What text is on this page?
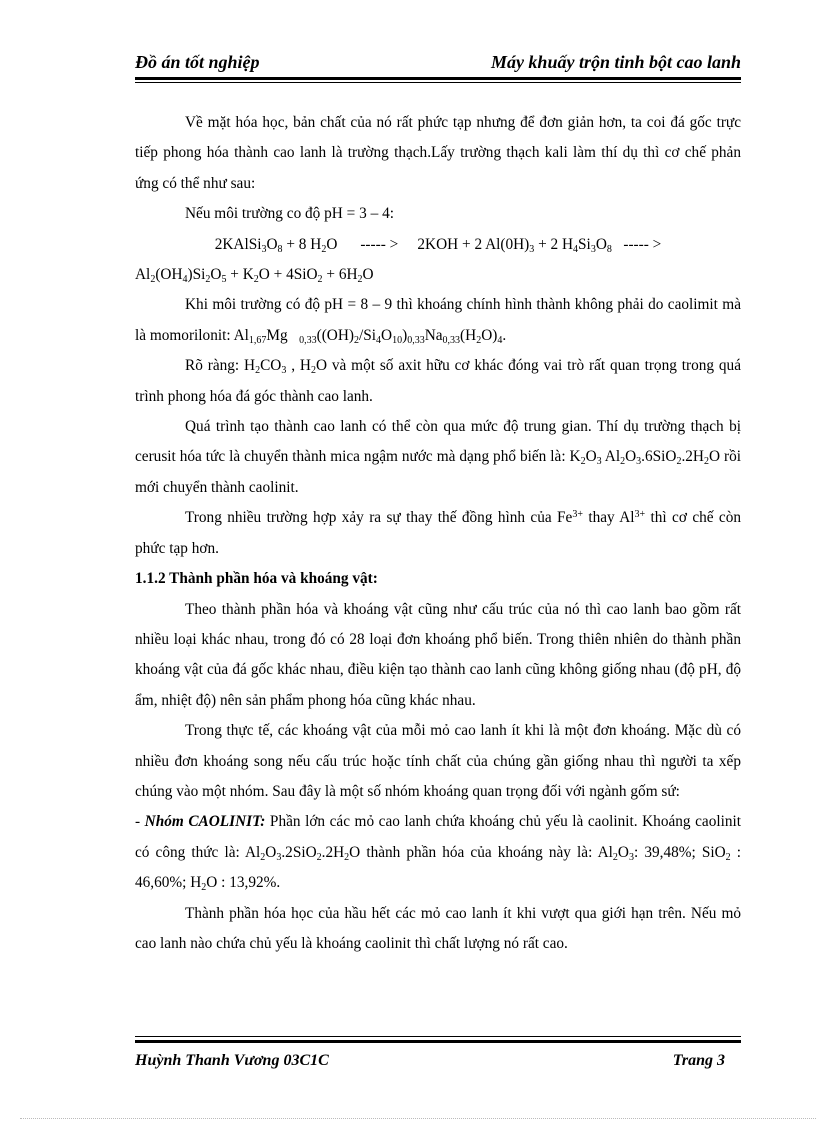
Đồ án tốt nghiệp	Máy khuấy trộn tinh bột cao lanh

Về mặt hóa học, bản chất của nó rất phức tạp nhưng để đơn giản hơn, ta coi đá gốc trực tiếp phong hóa thành cao lanh là trường thạch.Lấy trường thạch kali làm thí dụ thì cơ chế phản ứng có thể như sau:

Nếu môi trường co độ pH = 3 – 4:

$2KAlSi_3O_8 + 8$ $H_2O$ ----- > 2KOH + 2 $Al(0H)_3 + 2$ $H_4Si_3O_8$ ----- >

$Al_2(OH_4)Si_2O_5 + K_2O + 4SiO_2 + 6H_2O$

Khi môi trường có độ pH = 8 – 9 thì khoáng chính hình thành không phải do caolimit mà là momorilonit: $Al_{1,67}Mg$ $_{0,33}((OH)_2/Si_4O_{10})_{0,33}Na_{0,33}(H_2O)_4$.

Rõ ràng: $H_2CO_3$ , $H_2O$ và một số axit hữu cơ khác đóng vai trò rất quan trọng trong quá trình phong hóa đá góc thành cao lanh.

Quá trình tạo thành cao lanh có thể còn qua mức độ trung gian. Thí dụ trường thạch bị cerusit hóa tức là chuyển thành mica ngậm nước mà dạng phổ biến là: $K_2O_3$ $Al_2O_3.6SiO_2.2H_2O$ rồi mới chuyển thành caolinit.

Trong nhiều trường hợp xảy ra sự thay thế đồng hình của $Fe^{3+}$ thay $Al^{3+}$ thì cơ chế còn phức tạp hơn.

1.1.2 Thành phần hóa và khoáng vật:

Theo thành phần hóa và khoáng vật cũng như cấu trúc của nó thì cao lanh bao gồm rất nhiều loại khác nhau, trong đó có 28 loại đơn khoáng phổ biến. Trong thiên nhiên do thành phần khoáng vật của đá gốc khác nhau, điều kiện tạo thành cao lanh cũng không giống nhau (độ pH, độ ẩm, nhiệt độ) nên sản phẩm phong hóa cũng khác nhau.

Trong thực tế, các khoáng vật của mỗi mỏ cao lanh ít khi là một đơn khoáng. Mặc dù có nhiều đơn khoáng song nếu cấu trúc hoặc tính chất của chúng gần giống nhau thì người ta xếp chúng vào một nhóm. Sau đây là một số nhóm khoáng quan trọng đối với ngành gốm sứ:

- Nhóm CAOLINIT: Phần lớn các mỏ cao lanh chứa khoáng chủ yếu là caolinit. Khoáng caolinit có công thức là: $Al_2O_3.2SiO_2.2H_2O$ thành phần hóa của khoáng này là: $Al_2O_3$: 39,48%; SiO$_2$ : 46,60%; $H_2O$ : 13,92%.

Thành phần hóa học của hầu hết các mỏ cao lanh ít khi vượt qua giới hạn trên. Nếu mỏ cao lanh nào chứa chủ yếu là khoáng caolinit thì chất lượng nó rất cao.

Huỳnh Thanh Vương 03C1C	Trang 3
